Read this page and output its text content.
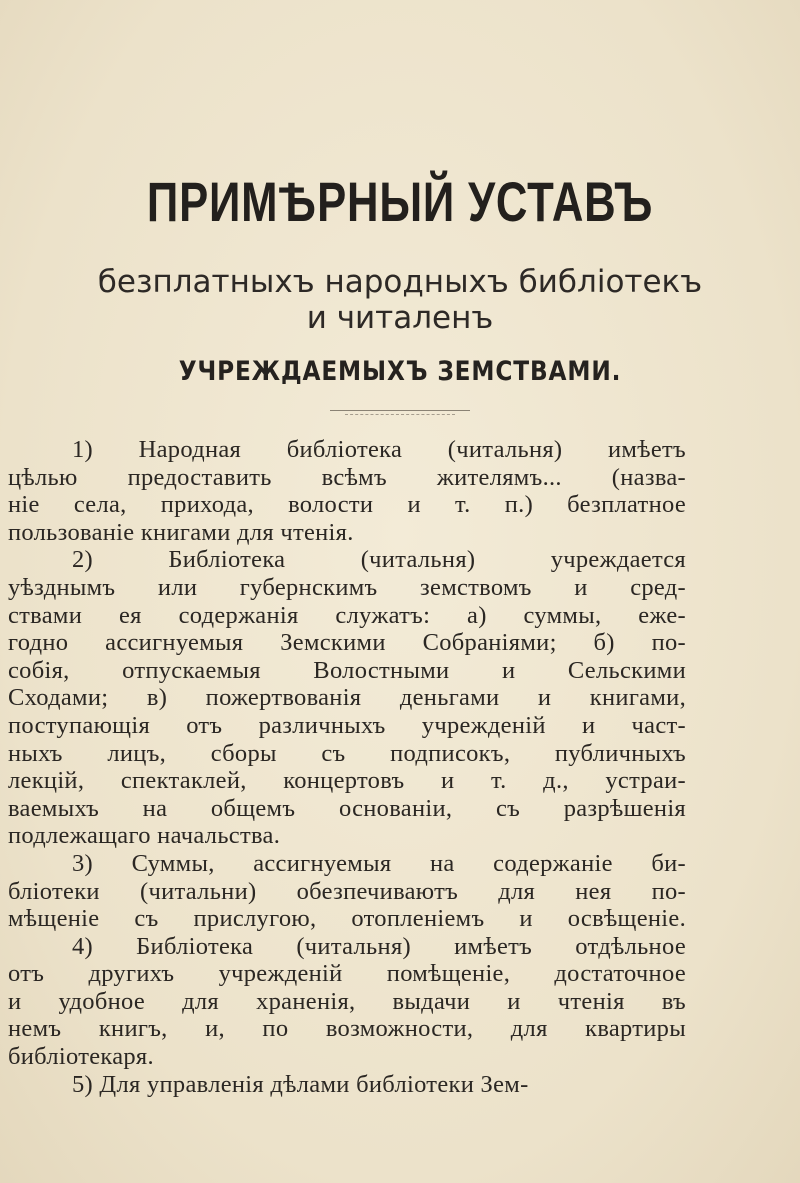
ПРИМѢРНЫЙ УСТАВЪ
безплатныхъ народныхъ библіотекъ
и читаленъ
УЧРЕЖДАЕМЫХЪ ЗЕМСТВАМИ.
1) Народная библіотека (читальня) имѣетъ
цѣлью предоставить всѣмъ жителямъ... (назва-
ніе села, прихода, волости и т. п.) безплатное
пользованіе книгами для чтенія.
2) Библіотека (читальня) учреждается
уѣзднымъ или губернскимъ земствомъ и сред-
ствами ея содержанія служатъ: а) суммы, еже-
годно ассигнуемыя Земскими Собраніями; б) по-
собія, отпускаемыя Волостными и Сельскими
Сходами; в) пожертвованія деньгами и книгами,
поступающія отъ различныхъ учрежденій и част-
ныхъ лицъ, сборы съ подписокъ, публичныхъ
лекцій, спектаклей, концертовъ и т. д., устраи-
ваемыхъ на общемъ основаніи, съ разрѣшенія
подлежащаго начальства.
3) Суммы, ассигнуемыя на содержаніе би-
бліотеки (читальни) обезпечиваютъ для нея по-
мѣщеніе съ прислугою, отопленіемъ и освѣщеніе.
4) Библіотека (читальня) имѣетъ отдѣльное
отъ другихъ учрежденій помѣщеніе, достаточное
и удобное для храненія, выдачи и чтенія въ
немъ книгъ, и, по возможности, для квартиры
библіотекаря.
5) Для управленія дѣлами библіотеки Зем-
